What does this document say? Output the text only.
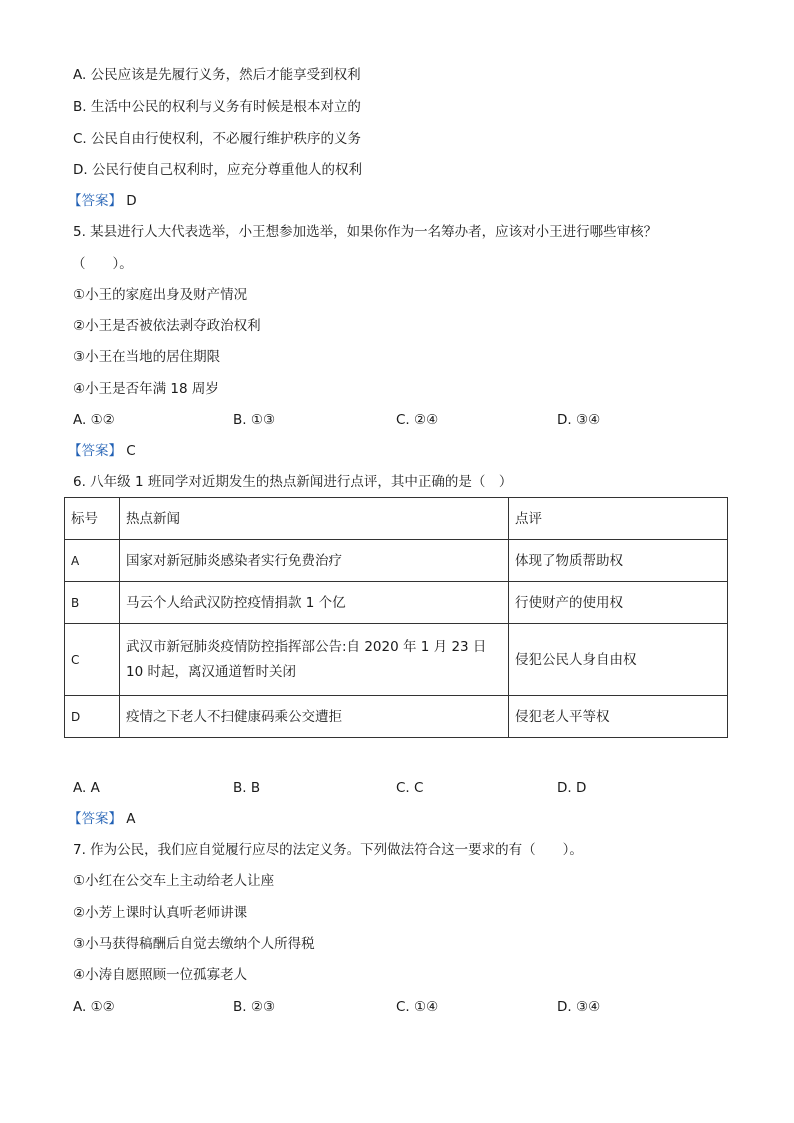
A. 公民应该是先履行义务，然后才能享受到权利
B. 生活中公民的权利与义务有时候是根本对立的
C. 公民自由行使权利，不必履行维护秩序的义务
D. 公民行使自己权利时，应充分尊重他人的权利
【答案】 D
5. 某县进行人大代表选举，小王想参加选举，如果你作为一名筹办者，应该对小王进行哪些审核？
（　　）。
①小王的家庭出身及财产情况
②小王是否被依法剥夺政治权利
③小王在当地的居住期限
④小王是否年满 18 周岁
A. ①②	B. ①③	C. ②④	D. ③④
【答案】 C
6. 八年级 1 班同学对近期发生的热点新闻进行点评，其中正确的是（　）
标号	热点新闻	点评
A	国家对新冠肺炎感染者实行免费治疗	体现了物质帮助权
B	马云个人给武汉防控疫情捐款 1 个亿	行使财产的使用权
C	武汉市新冠肺炎疫情防控指挥部公告:自 2020 年 1 月 23 日 10 时起，离汉通道暂时关闭	侵犯公民人身自由权
D	疫情之下老人不扫健康码乘公交遭拒	侵犯老人平等权
A. A	B. B	C. C	D. D
【答案】 A
7. 作为公民，我们应自觉履行应尽的法定义务。下列做法符合这一要求的有（　　）。
①小红在公交车上主动给老人让座
②小芳上课时认真听老师讲课
③小马获得稿酬后自觉去缴纳个人所得税
④小涛自愿照顾一位孤寡老人
A. ①②	B. ②③	C. ①④	D. ③④
